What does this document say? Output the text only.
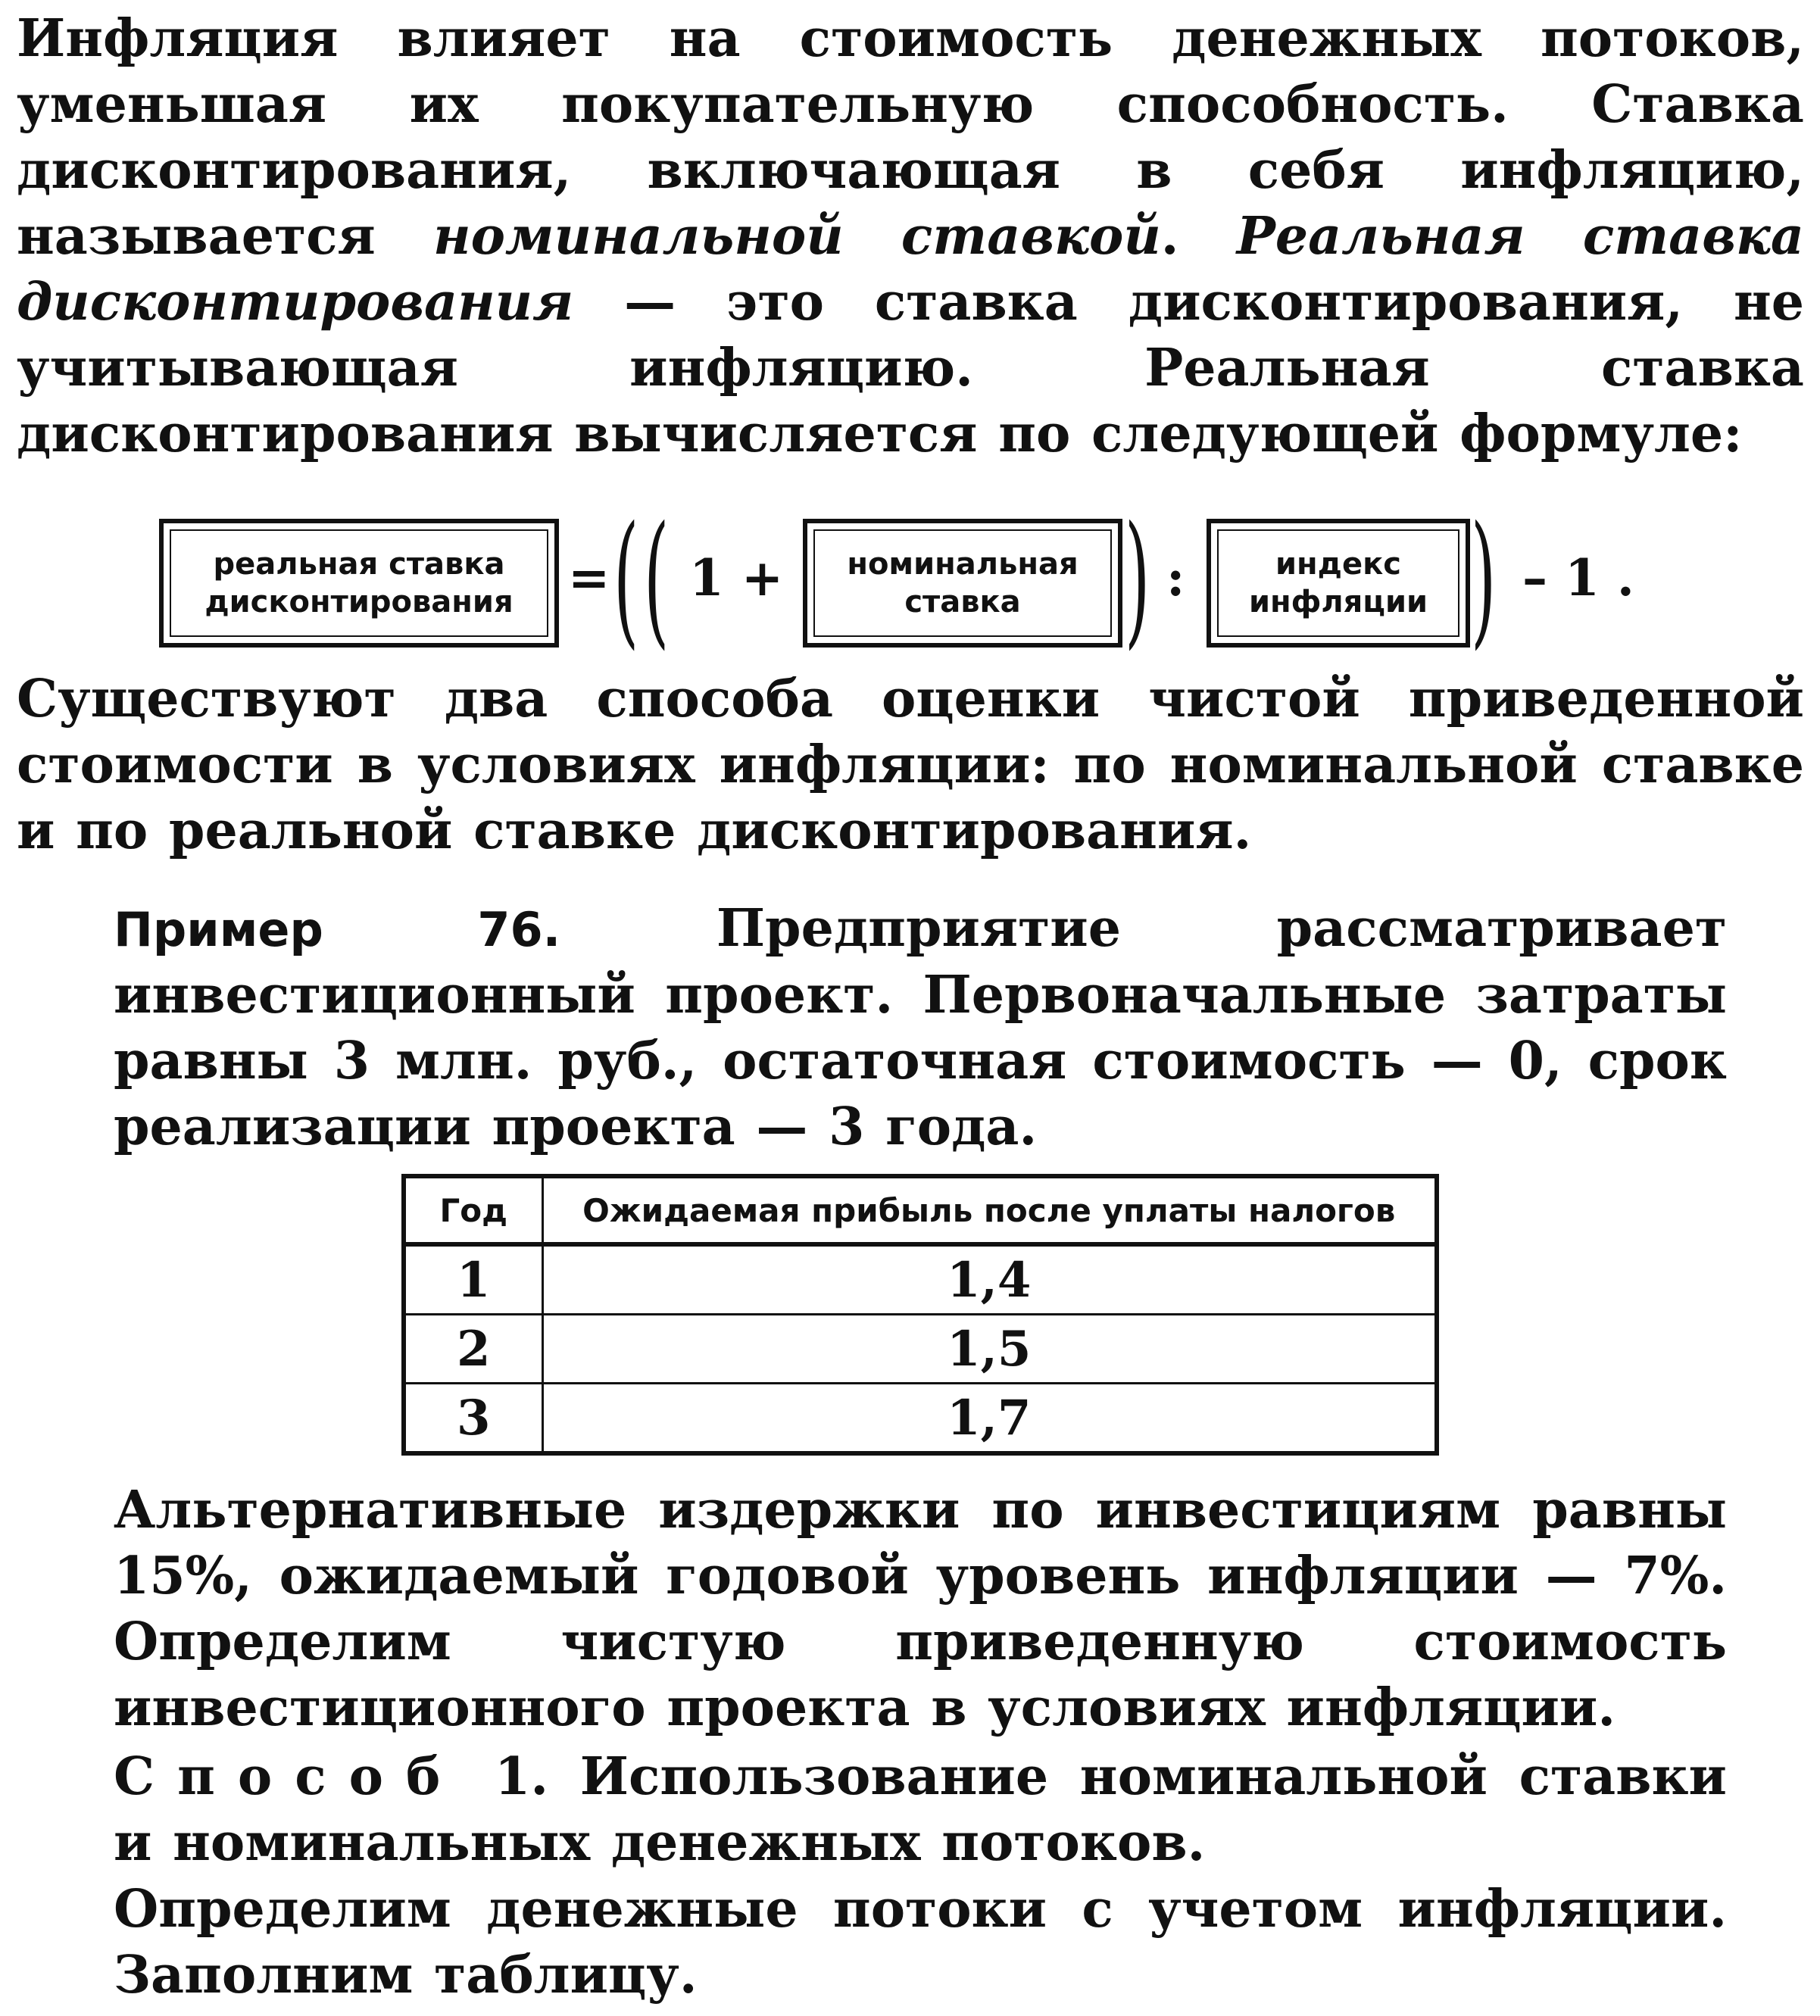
Инфляция влияет на стоимость денежных потоков, уменьшая их покупательную способность. Ставка дисконтирования, включающая в себя инфляцию, называется номинальной ставкой. Реальная ставка дисконтирования — это ставка дисконтирования, не учитывающая инфляцию. Реальная ставка дисконтирования вычисляется по следующей формуле:

реальная ставка
дисконтирования	= ( ( 1 +	номинальная
ставка ) :	индекс
инфляции ) – 1 .

Существуют два способа оценки чистой приведенной стоимости в условиях инфляции: по номинальной ставке и по реальной ставке дисконтирования.

Пример 76. Предприятие рассматривает инвестиционный проект. Первоначальные затраты равны 3 млн. руб., остаточная стоимость — 0, срок реализации проекта — 3 года.

Год	Ожидаемая прибыль после уплаты налогов
1	1,4
2	1,5
3	1,7

Альтернативные издержки по инвестициям равны 15%, ожидаемый годовой уровень инфляции — 7%. Определим чистую приведенную стоимость инвестиционного проекта в условиях инфляции.

Способ 1. Использование номинальной ставки и номинальных денежных потоков.

Определим денежные потоки с учетом инфляции. Заполним таблицу.
